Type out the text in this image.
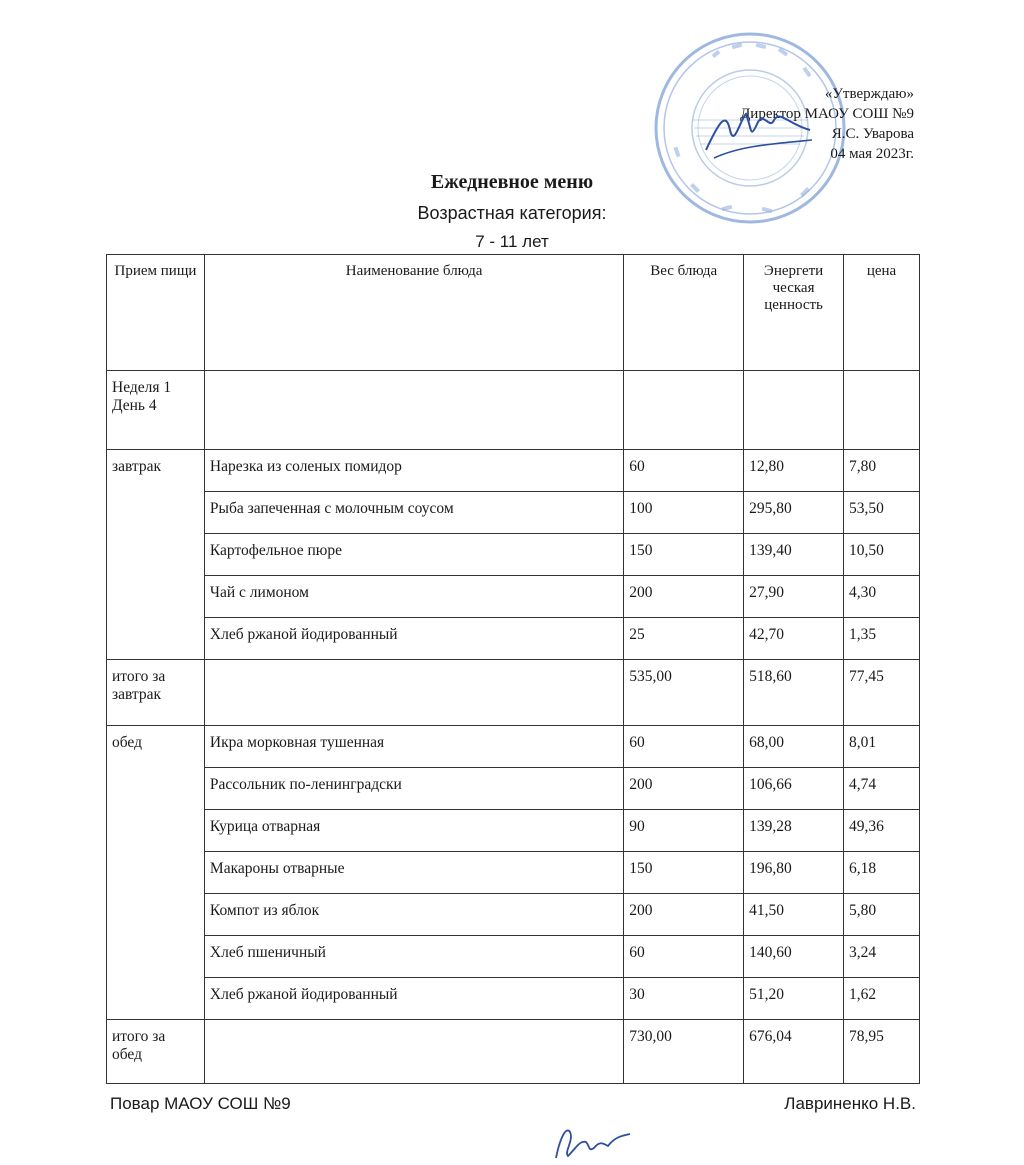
«Утверждаю»
Директор МАОУ СОШ №9
Я.С. Уварова
04 мая 2023г.
Ежедневное меню
Возрастная категория:
7 - 11 лет
Прием пищи	Наименование блюда	Вес блюда	Энергети ческая ценность	цена
Неделя 1 День 4				
завтрак	Нарезка из соленых помидор	60	12,80	7,80
	Рыба запеченная с молочным соусом	100	295,80	53,50
	Картофельное пюре	150	139,40	10,50
	Чай с лимоном	200	27,90	4,30
	Хлеб ржаной йодированный	25	42,70	1,35
итого за завтрак		535,00	518,60	77,45
обед	Икра морковная тушенная	60	68,00	8,01
	Рассольник по-ленинградски	200	106,66	4,74
	Курица отварная	90	139,28	49,36
	Макароны отварные	150	196,80	6,18
	Компот из яблок	200	41,50	5,80
	Хлеб пшеничный	60	140,60	3,24
	Хлеб ржаной йодированный	30	51,20	1,62
итого за обед		730,00	676,04	78,95
Повар МАОУ СОШ №9	Лавриненко Н.В.
